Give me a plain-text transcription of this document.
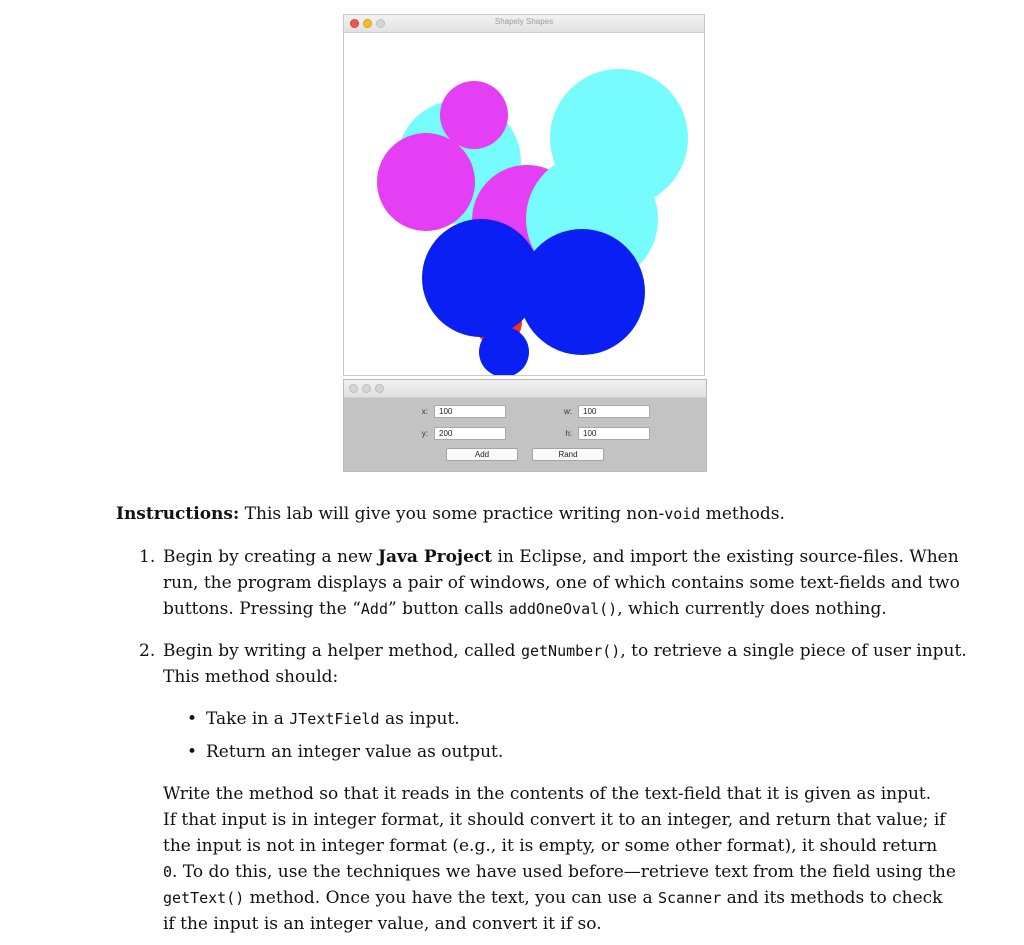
Shapely Shapes
x:	100
y:	200
w:	100
h:	100
Add	Rand
Instructions: This lab will give you some practice writing non-void methods.
1. Begin by creating a new Java Project in Eclipse, and import the existing source-files. When
run, the program displays a pair of windows, one of which contains some text-fields and two
buttons. Pressing the “Add” button calls addOneOval(), which currently does nothing.
2. Begin by writing a helper method, called getNumber(), to retrieve a single piece of user input.
This method should:
• Take in a JTextField as input.
• Return an integer value as output.
Write the method so that it reads in the contents of the text-field that it is given as input.
If that input is in integer format, it should convert it to an integer, and return that value; if
the input is not in integer format (e.g., it is empty, or some other format), it should return
0. To do this, use the techniques we have used before—retrieve text from the field using the
getText() method. Once you have the text, you can use a Scanner and its methods to check
if the input is an integer value, and convert it if so.
